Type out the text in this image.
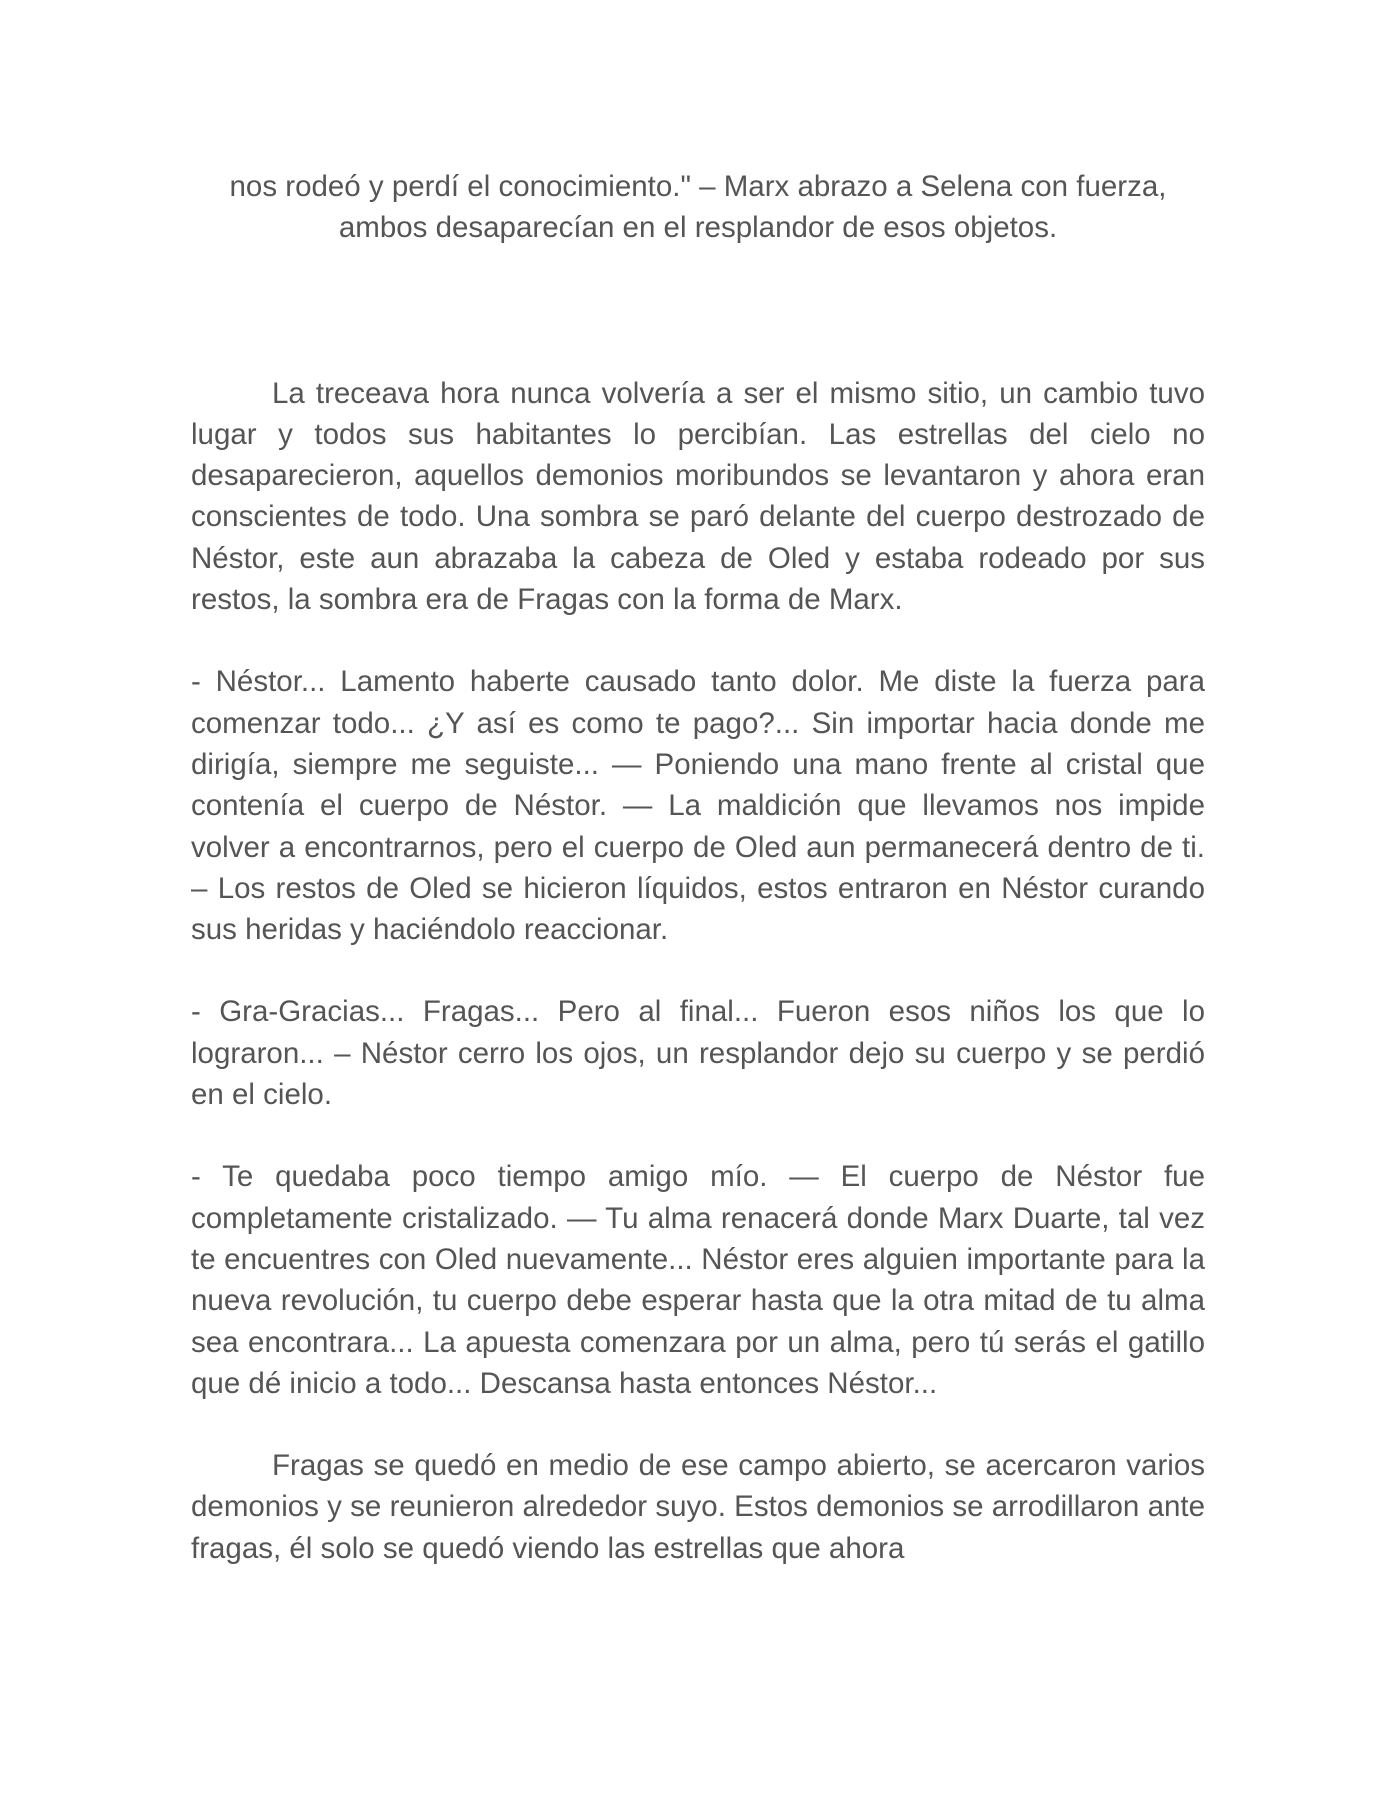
nos rodeó y perdí el conocimiento." – Marx abrazo a Selena con fuerza,
ambos desaparecían en el resplandor de esos objetos.

La treceava hora nunca volvería a ser el mismo sitio, un cambio tuvo lugar y todos sus habitantes lo percibían. Las estrellas del cielo no desaparecieron, aquellos demonios moribundos se levantaron y ahora eran conscientes de todo. Una sombra se paró delante del cuerpo destrozado de Néstor, este aun abrazaba la cabeza de Oled y estaba rodeado por sus restos, la sombra era de Fragas con la forma de Marx.

- Néstor... Lamento haberte causado tanto dolor. Me diste la fuerza para comenzar todo... ¿Y así es como te pago?... Sin importar hacia donde me dirigía, siempre me seguiste... — Poniendo una mano frente al cristal que contenía el cuerpo de Néstor. — La maldición que llevamos nos impide volver a encontrarnos, pero el cuerpo de Oled aun permanecerá dentro de ti. – Los restos de Oled se hicieron líquidos, estos entraron en Néstor curando sus heridas y haciéndolo reaccionar.

- Gra-Gracias... Fragas... Pero al final... Fueron esos niños los que lo lograron... – Néstor cerro los ojos, un resplandor dejo su cuerpo y se perdió en el cielo.

- Te quedaba poco tiempo amigo mío. — El cuerpo de Néstor fue completamente cristalizado. — Tu alma renacerá donde Marx Duarte, tal vez te encuentres con Oled nuevamente... Néstor eres alguien importante para la nueva revolución, tu cuerpo debe esperar hasta que la otra mitad de tu alma sea encontrara... La apuesta comenzara por un alma, pero tú serás el gatillo que dé inicio a todo... Descansa hasta entonces Néstor...

Fragas se quedó en medio de ese campo abierto, se acercaron varios demonios y se reunieron alrededor suyo. Estos demonios se arrodillaron ante fragas, él solo se quedó viendo las estrellas que ahora
